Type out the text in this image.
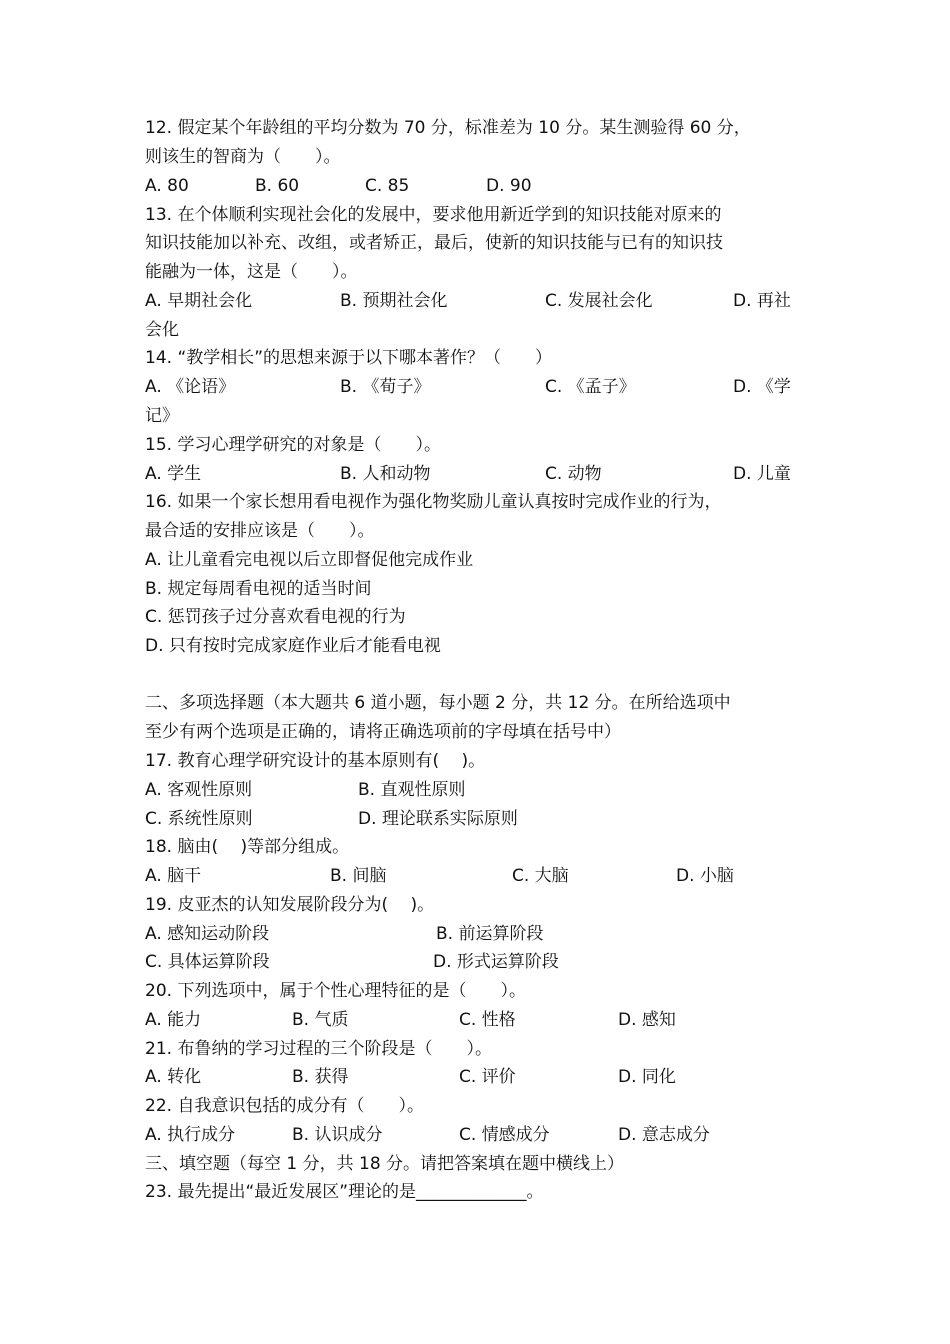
12. 假定某个年龄组的平均分数为 70 分，标准差为 10 分。某生测验得 60 分，
则该生的智商为（　　）。
A. 80	B. 60	C. 85	D. 90
13. 在个体顺利实现社会化的发展中，要求他用新近学到的知识技能对原来的
知识技能加以补充、改组，或者矫正，最后，使新的知识技能与已有的知识技
能融为一体，这是（　　）。
A. 早期社会化	B. 预期社会化	C. 发展社会化	D. 再社
会化
14. “教学相长”的思想来源于以下哪本著作？（　　）
A. 《论语》	B. 《荀子》	C. 《孟子》	D. 《学
记》
15. 学习心理学研究的对象是（　　）。
A. 学生	B. 人和动物	C. 动物	D. 儿童
16. 如果一个家长想用看电视作为强化物奖励儿童认真按时完成作业的行为，
最合适的安排应该是（　　）。
A. 让儿童看完电视以后立即督促他完成作业
B. 规定每周看电视的适当时间
C. 惩罚孩子过分喜欢看电视的行为
D. 只有按时完成家庭作业后才能看电视
二、多项选择题（本大题共 6 道小题，每小题 2 分，共 12 分。在所给选项中
至少有两个选项是正确的，请将正确选项前的字母填在括号中）
17. 教育心理学研究设计的基本原则有(　 )。
A. 客观性原则	B. 直观性原则
C. 系统性原则	D. 理论联系实际原则
18. 脑由(　 )等部分组成。
A. 脑干	B. 间脑	C. 大脑	D. 小脑
19. 皮亚杰的认知发展阶段分为(　 )。
A. 感知运动阶段	B. 前运算阶段
C. 具体运算阶段	D. 形式运算阶段
20. 下列选项中，属于个性心理特征的是（　　）。
A. 能力	B. 气质	C. 性格	D. 感知
21. 布鲁纳的学习过程的三个阶段是（　　）。
A. 转化	B. 获得	C. 评价	D. 同化
22. 自我意识包括的成分有（　　）。
A. 执行成分	B. 认识成分	C. 情感成分	D. 意志成分
三、填空题（每空 1 分，共 18 分。请把答案填在题中横线上）
23. 最先提出“最近发展区”理论的是_____________。
